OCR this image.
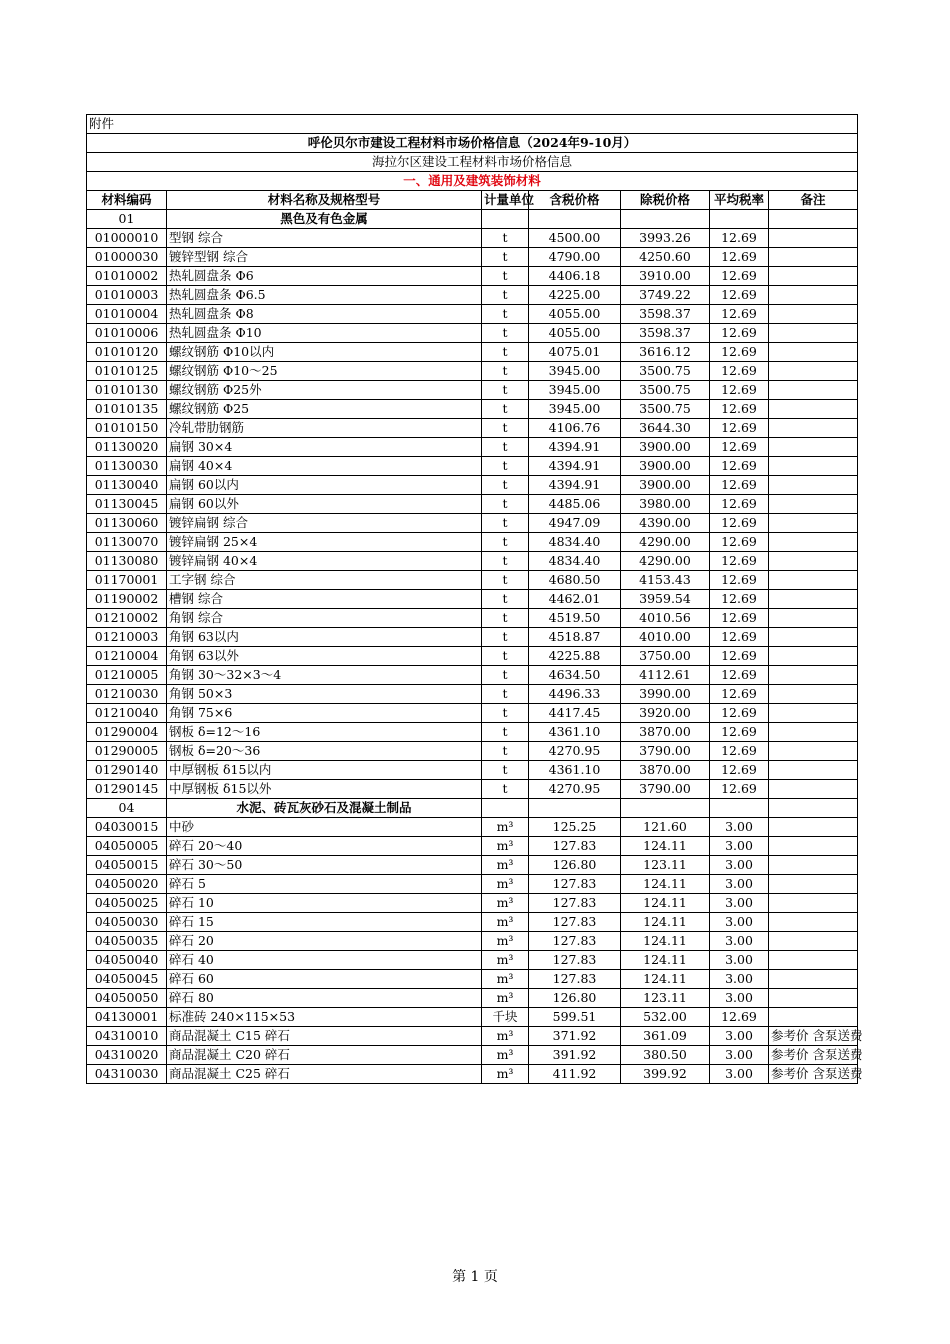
附件						
呼伦贝尔市建设工程材料市场价格信息（2024年9-10月）						
海拉尔区建设工程材料市场价格信息						
一、通用及建筑装饰材料						
材料编码	材料名称及规格型号	计量单位	含税价格	除税价格	平均税率	备注
01	黑色及有色金属					
01000010	型钢 综合	t	4500.00	3993.26	12.69	
01000030	镀锌型钢 综合	t	4790.00	4250.60	12.69	
01010002	热轧圆盘条 Φ6	t	4406.18	3910.00	12.69	
01010003	热轧圆盘条 Φ6.5	t	4225.00	3749.22	12.69	
01010004	热轧圆盘条 Φ8	t	4055.00	3598.37	12.69	
01010006	热轧圆盘条 Φ10	t	4055.00	3598.37	12.69	
01010120	螺纹钢筋 Φ10以内	t	4075.01	3616.12	12.69	
01010125	螺纹钢筋 Φ10～25	t	3945.00	3500.75	12.69	
01010130	螺纹钢筋 Φ25外	t	3945.00	3500.75	12.69	
01010135	螺纹钢筋 Φ25	t	3945.00	3500.75	12.69	
01010150	冷轧带肋钢筋	t	4106.76	3644.30	12.69	
01130020	扁钢 30×4	t	4394.91	3900.00	12.69	
01130030	扁钢 40×4	t	4394.91	3900.00	12.69	
01130040	扁钢 60以内	t	4394.91	3900.00	12.69	
01130045	扁钢 60以外	t	4485.06	3980.00	12.69	
01130060	镀锌扁钢 综合	t	4947.09	4390.00	12.69	
01130070	镀锌扁钢 25×4	t	4834.40	4290.00	12.69	
01130080	镀锌扁钢 40×4	t	4834.40	4290.00	12.69	
01170001	工字钢 综合	t	4680.50	4153.43	12.69	
01190002	槽钢 综合	t	4462.01	3959.54	12.69	
01210002	角钢 综合	t	4519.50	4010.56	12.69	
01210003	角钢 63以内	t	4518.87	4010.00	12.69	
01210004	角钢 63以外	t	4225.88	3750.00	12.69	
01210005	角钢 30～32×3～4	t	4634.50	4112.61	12.69	
01210030	角钢 50×3	t	4496.33	3990.00	12.69	
01210040	角钢 75×6	t	4417.45	3920.00	12.69	
01290004	钢板 δ=12～16	t	4361.10	3870.00	12.69	
01290005	钢板 δ=20～36	t	4270.95	3790.00	12.69	
01290140	中厚钢板 δ15以内	t	4361.10	3870.00	12.69	
01290145	中厚钢板 δ15以外	t	4270.95	3790.00	12.69	
04	水泥、砖瓦灰砂石及混凝土制品					
04030015	中砂	m³	125.25	121.60	3.00	
04050005	碎石 20～40	m³	127.83	124.11	3.00	
04050015	碎石 30～50	m³	126.80	123.11	3.00	
04050020	碎石 5	m³	127.83	124.11	3.00	
04050025	碎石 10	m³	127.83	124.11	3.00	
04050030	碎石 15	m³	127.83	124.11	3.00	
04050035	碎石 20	m³	127.83	124.11	3.00	
04050040	碎石 40	m³	127.83	124.11	3.00	
04050045	碎石 60	m³	127.83	124.11	3.00	
04050050	碎石 80	m³	126.80	123.11	3.00	
04130001	标准砖 240×115×53	千块	599.51	532.00	12.69	
04310010	商品混凝土 C15 碎石	m³	371.92	361.09	3.00	参考价 含泵送费
04310020	商品混凝土 C20 碎石	m³	391.92	380.50	3.00	参考价 含泵送费
04310030	商品混凝土 C25 碎石	m³	411.92	399.92	3.00	参考价 含泵送费
第 1 页
